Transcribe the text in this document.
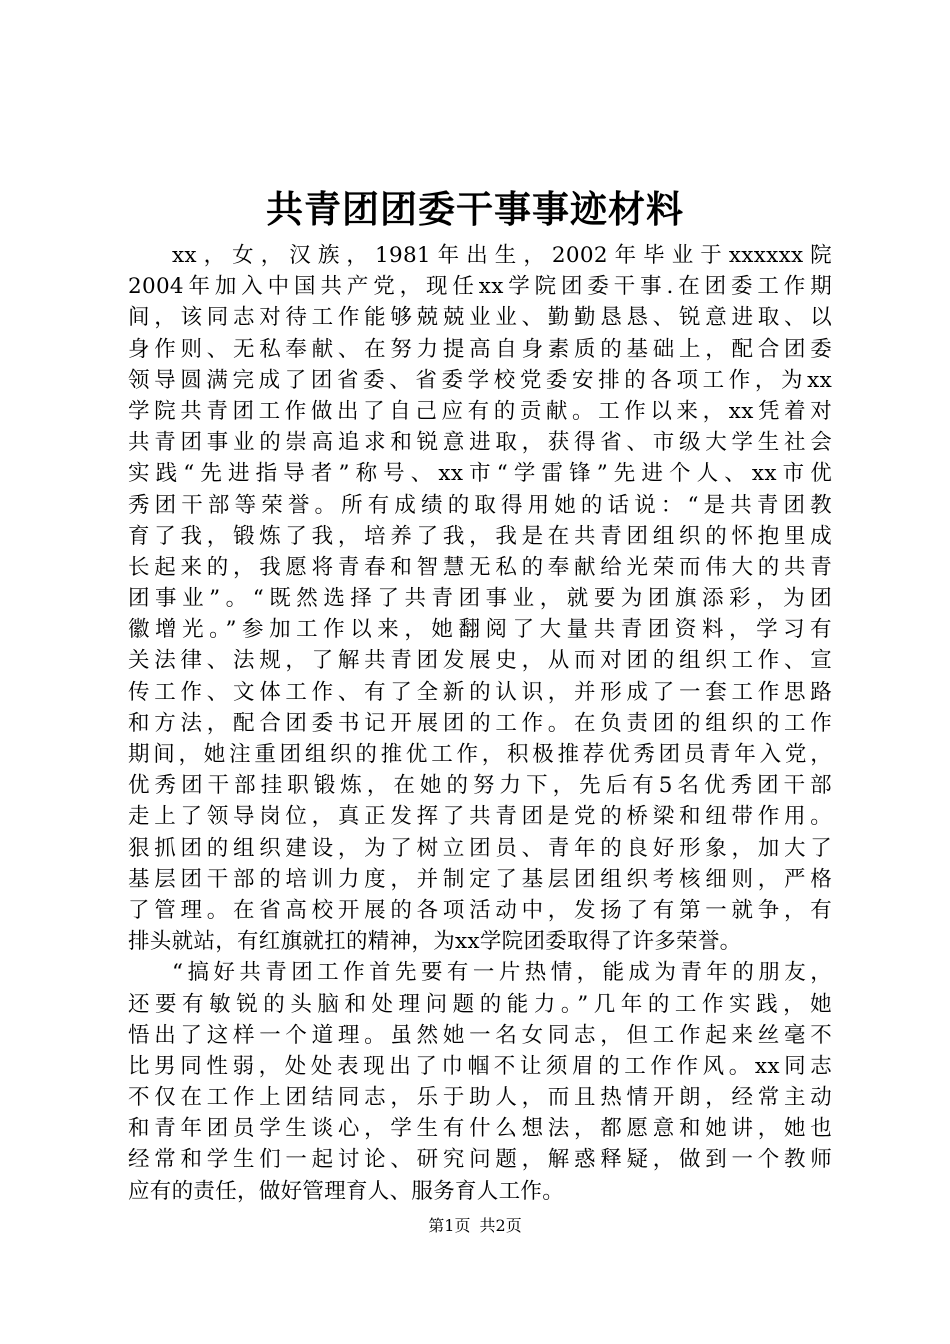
共青团团委干事事迹材料
xx，女，汉族，1981年出生，2002年毕业于xxxxxx院
2004年加入中国共产党，现任xx学院团委干事.在团委工作期
间，该同志对待工作能够兢兢业业、勤勤恳恳、锐意进取、以
身作则、无私奉献、在努力提高自身素质的基础上，配合团委
领导圆满完成了团省委、省委学校党委安排的各项工作，为xx
学院共青团工作做出了自己应有的贡献。工作以来，xx凭着对
共青团事业的崇高追求和锐意进取，获得省、市级大学生社会
实践“先进指导者”称号、xx市“学雷锋”先进个人、xx市优
秀团干部等荣誉。所有成绩的取得用她的话说：“是共青团教
育了我，锻炼了我，培养了我，我是在共青团组织的怀抱里成
长起来的，我愿将青春和智慧无私的奉献给光荣而伟大的共青
团事业”。“既然选择了共青团事业，就要为团旗添彩，为团
徽增光。”参加工作以来，她翻阅了大量共青团资料，学习有
关法律、法规，了解共青团发展史，从而对团的组织工作、宣
传工作、文体工作、有了全新的认识，并形成了一套工作思路
和方法，配合团委书记开展团的工作。在负责团的组织的工作
期间，她注重团组织的推优工作，积极推荐优秀团员青年入党，
优秀团干部挂职锻炼，在她的努力下，先后有5名优秀团干部
走上了领导岗位，真正发挥了共青团是党的桥梁和纽带作用。
狠抓团的组织建设，为了树立团员、青年的良好形象，加大了
基层团干部的培训力度，并制定了基层团组织考核细则，严格
了管理。在省高校开展的各项活动中，发扬了有第一就争，有
排头就站，有红旗就扛的精神，为xx学院团委取得了许多荣誉。
“搞好共青团工作首先要有一片热情，能成为青年的朋友，
还要有敏锐的头脑和处理问题的能力。”几年的工作实践，她
悟出了这样一个道理。虽然她一名女同志，但工作起来丝毫不
比男同性弱，处处表现出了巾帼不让须眉的工作作风。xx同志
不仅在工作上团结同志，乐于助人，而且热情开朗，经常主动
和青年团员学生谈心，学生有什么想法，都愿意和她讲，她也
经常和学生们一起讨论、研究问题，解惑释疑，做到一个教师
应有的责任，做好管理育人、服务育人工作。
第1页 共2页
